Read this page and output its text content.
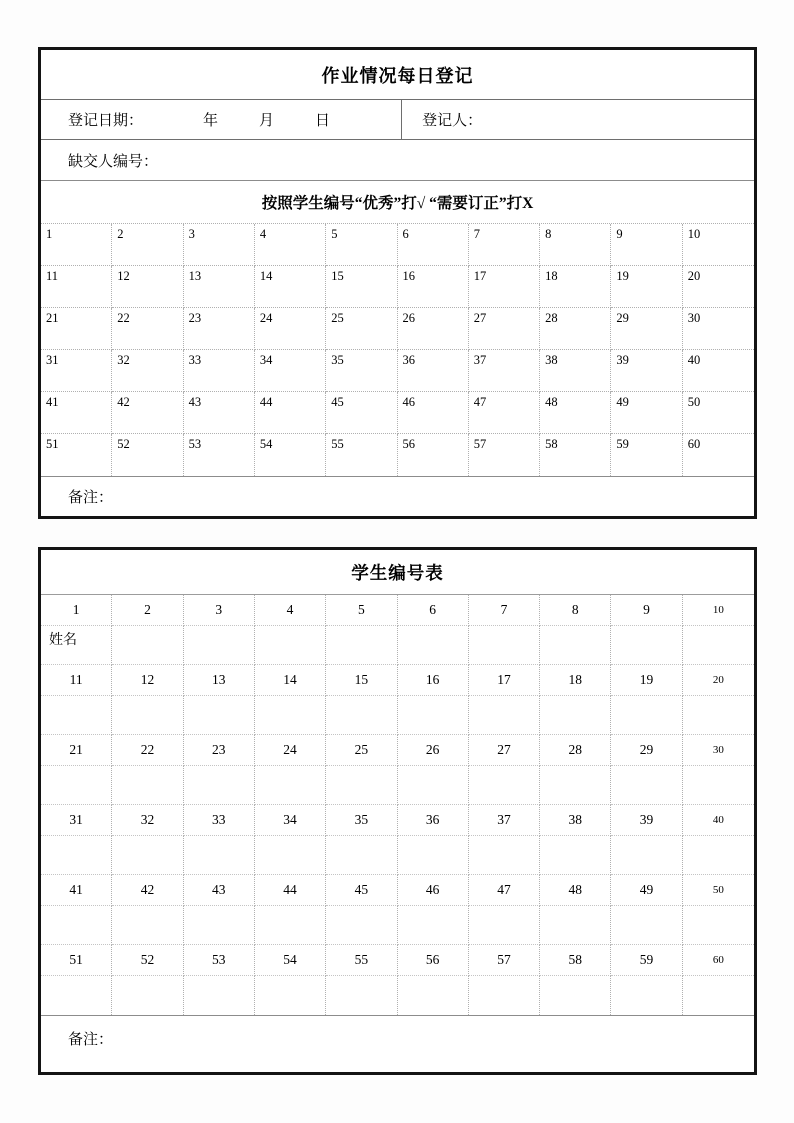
作业情况每日登记
登记日期：	年	月	日	登记人：
缺交人编号：
按照学生编号“优秀”打√ “需要订正”打X
1	2	3	4	5	6	7	8	9	10
11	12	13	14	15	16	17	18	19	20
21	22	23	24	25	26	27	28	29	30
31	32	33	34	35	36	37	38	39	40
41	42	43	44	45	46	47	48	49	50
51	52	53	54	55	56	57	58	59	60
备注：
学生编号表
1	2	3	4	5	6	7	8	9	10
姓名
11	12	13	14	15	16	17	18	19	20
21	22	23	24	25	26	27	28	29	30
31	32	33	34	35	36	37	38	39	40
41	42	43	44	45	46	47	48	49	50
51	52	53	54	55	56	57	58	59	60
备注：
